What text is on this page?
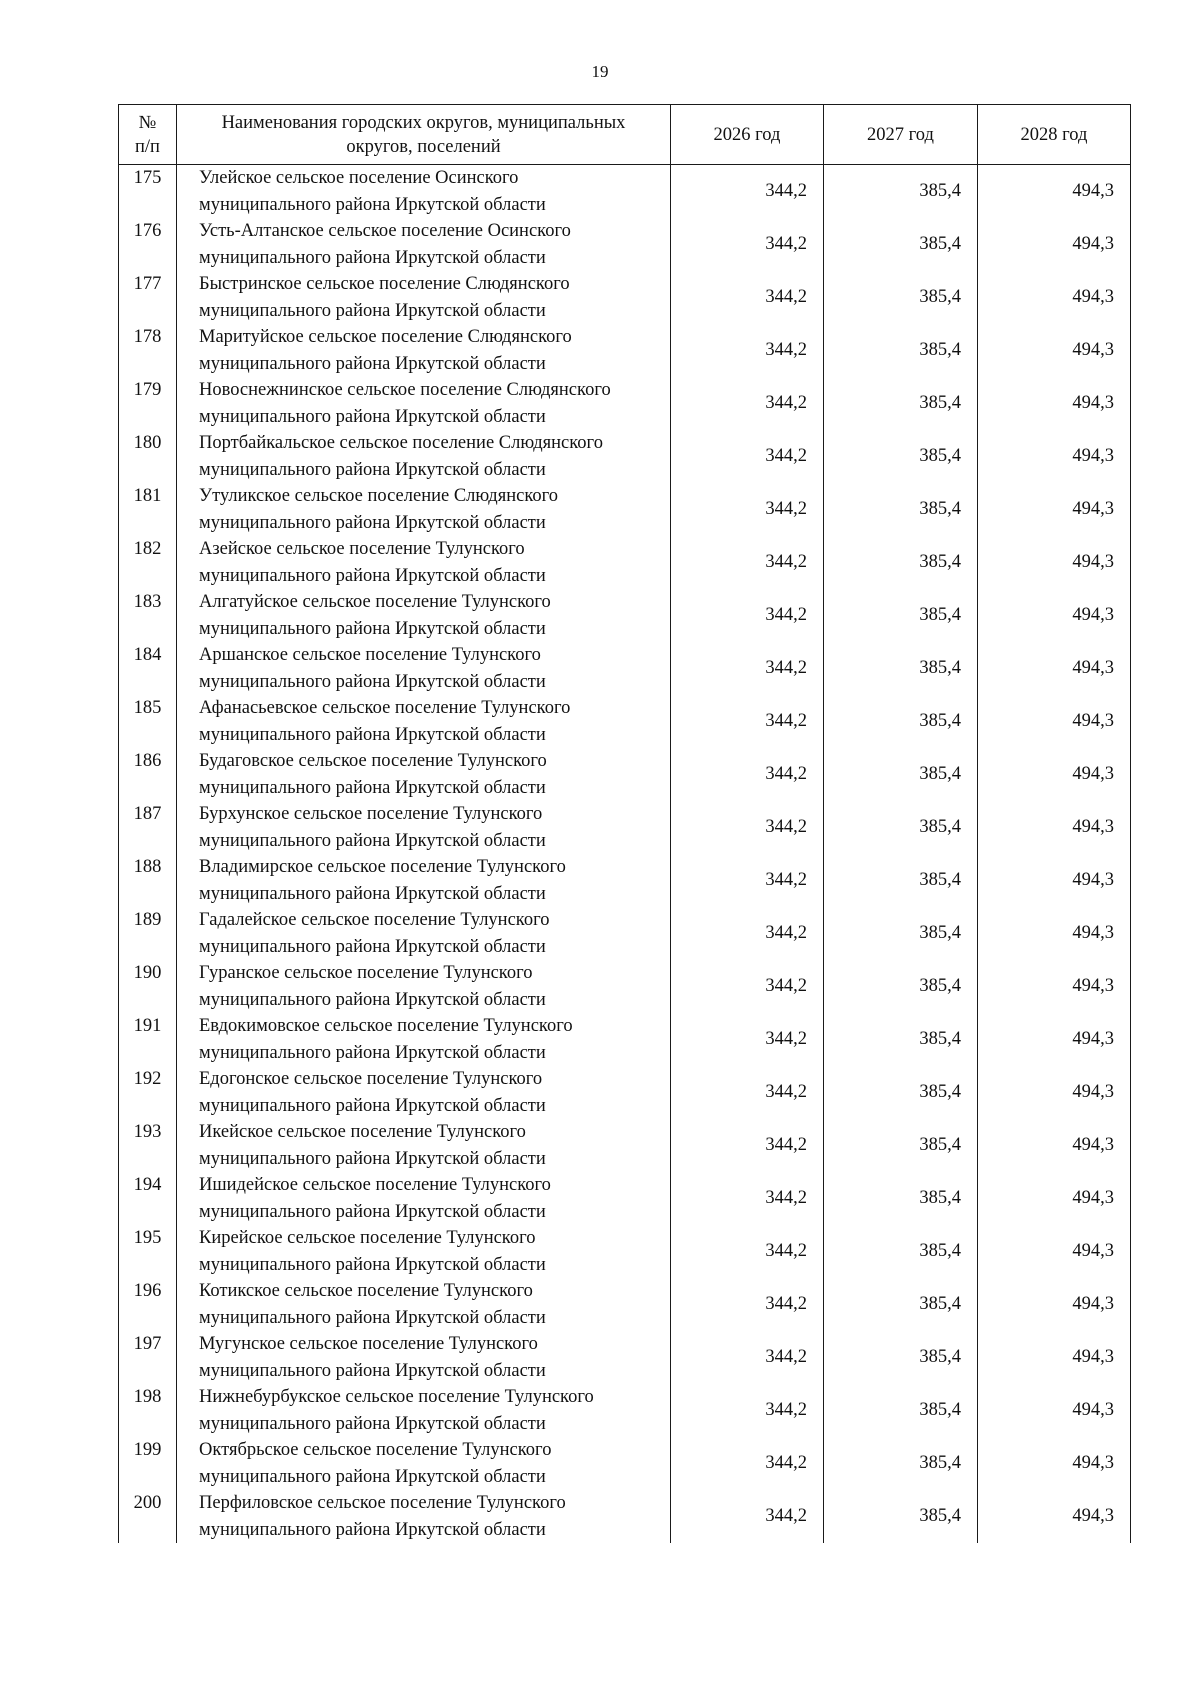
19
№
п/п	Наименования городских округов, муниципальных
округов, поселений	2026 год	2027 год	2028 год
175	Улейское сельское поселение Осинского
муниципального района Иркутской области	344,2	385,4	494,3
176	Усть-Алтанское сельское поселение Осинского
муниципального района Иркутской области	344,2	385,4	494,3
177	Быстринское сельское поселение Слюдянского
муниципального района Иркутской области	344,2	385,4	494,3
178	Маритуйское сельское поселение Слюдянского
муниципального района Иркутской области	344,2	385,4	494,3
179	Новоснежнинское сельское поселение Слюдянского
муниципального района Иркутской области	344,2	385,4	494,3
180	Портбайкальское сельское поселение Слюдянского
муниципального района Иркутской области	344,2	385,4	494,3
181	Утуликское сельское поселение Слюдянского
муниципального района Иркутской области	344,2	385,4	494,3
182	Азейское сельское поселение Тулунского
муниципального района Иркутской области	344,2	385,4	494,3
183	Алгатуйское сельское поселение Тулунского
муниципального района Иркутской области	344,2	385,4	494,3
184	Аршанское сельское поселение Тулунского
муниципального района Иркутской области	344,2	385,4	494,3
185	Афанасьевское сельское поселение Тулунского
муниципального района Иркутской области	344,2	385,4	494,3
186	Будаговское сельское поселение Тулунского
муниципального района Иркутской области	344,2	385,4	494,3
187	Бурхунское сельское поселение Тулунского
муниципального района Иркутской области	344,2	385,4	494,3
188	Владимирское сельское поселение Тулунского
муниципального района Иркутской области	344,2	385,4	494,3
189	Гадалейское сельское поселение Тулунского
муниципального района Иркутской области	344,2	385,4	494,3
190	Гуранское сельское поселение Тулунского
муниципального района Иркутской области	344,2	385,4	494,3
191	Евдокимовское сельское поселение Тулунского
муниципального района Иркутской области	344,2	385,4	494,3
192	Едогонское сельское поселение Тулунского
муниципального района Иркутской области	344,2	385,4	494,3
193	Икейское сельское поселение Тулунского
муниципального района Иркутской области	344,2	385,4	494,3
194	Ишидейское сельское поселение Тулунского
муниципального района Иркутской области	344,2	385,4	494,3
195	Кирейское сельское поселение Тулунского
муниципального района Иркутской области	344,2	385,4	494,3
196	Котикское сельское поселение Тулунского
муниципального района Иркутской области	344,2	385,4	494,3
197	Мугунское сельское поселение Тулунского
муниципального района Иркутской области	344,2	385,4	494,3
198	Нижнебурбукское сельское поселение Тулунского
муниципального района Иркутской области	344,2	385,4	494,3
199	Октябрьское сельское поселение Тулунского
муниципального района Иркутской области	344,2	385,4	494,3
200	Перфиловское сельское поселение Тулунского
муниципального района Иркутской области	344,2	385,4	494,3
